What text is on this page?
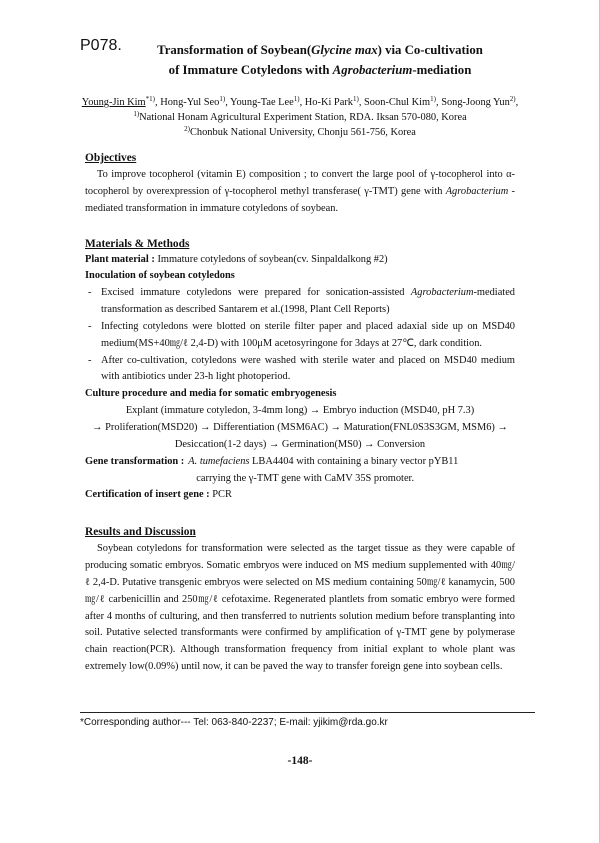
P078.	Transformation of Soybean(Glycine max) via Co-cultivation
of Immature Cotyledons with Agrobacterium-mediation

Young-Jin Kim$^{*1)}$, Hong-Yul Seo$^{1)}$, Young-Tae Lee$^{1)}$, Ho-Ki Park$^{1)}$, Soon-Chul Kim$^{1)}$, Song-Joong Yun$^{2)}$,

$^{1)}$National Honam Agricultural Experiment Station, RDA. Iksan 570-080, Korea

$^{2)}$Chonbuk National University, Chonju 561-756, Korea

Objectives

To improve tocopherol (vitamin E) composition ; to convert the large pool of γ-tocopherol into α-tocopherol by overexpression of γ-tocopherol methyl transferase( γ-TMT) gene with Agrobacterium -mediated transformation in immature cotyledons of soybean.

Materials & Methods

Plant material : Immature cotyledons of soybean(cv. Sinpaldalkong #2)

Inoculation of soybean cotyledons

- Excised immature cotyledons were prepared for sonication-assisted Agrobacterium-mediated transformation as described Santarem et al.(1998, Plant Cell Reports)
- Infecting cotyledons were blotted on sterile filter paper and placed adaxial side up on MSD40 medium(MS+40㎎/ℓ 2,4-D) with 100μM acetosyringone for 3days at 27℃, dark condition.
- After co-cultivation, cotyledons were washed with sterile water and placed on MSD40 medium with antibiotics under 23-h light photoperiod.

Culture procedure and media for somatic embryogenesis

Explant (immature cotyledon, 3-4mm long) → Embryo induction (MSD40, pH 7.3)

→ Proliferation(MSD20) → Differentiation (MSM6AC) → Maturation(FNL0S3S3GM, MSM6) →

Desiccation(1-2 days) → Germination(MS0) → Conversion

Gene transformation : A. tumefaciens LBA4404 with containing a binary vector pYB11
carrying the γ-TMT gene with CaMV 35S promoter.

Certification of insert gene : PCR

Results and Discussion

Soybean cotyledons for transformation were selected as the target tissue as they were capable of producing somatic embryos. Somatic embryos were induced on MS medium supplemented with 40㎎/ℓ 2,4-D. Putative transgenic embryos were selected on MS medium containing 50㎎/ℓ kanamycin, 500㎎/ℓ carbenicillin and 250㎎/ℓ cefotaxime. Regenerated plantlets from somatic embryo were formed after 4 months of culturing, and then transferred to nutrients solution medium before transplanting into soil. Putative selected transformants were confirmed by amplification of γ-TMT gene by polymerase chain reaction(PCR). Although transformation frequency from initial explant to whole plant was extremely low(0.09%) until now, it can be paved the way to transfer foreign gene into soybean cells.

*Corresponding author--- Tel: 063-840-2237; E-mail: yjikim@rda.go.kr
-148-
